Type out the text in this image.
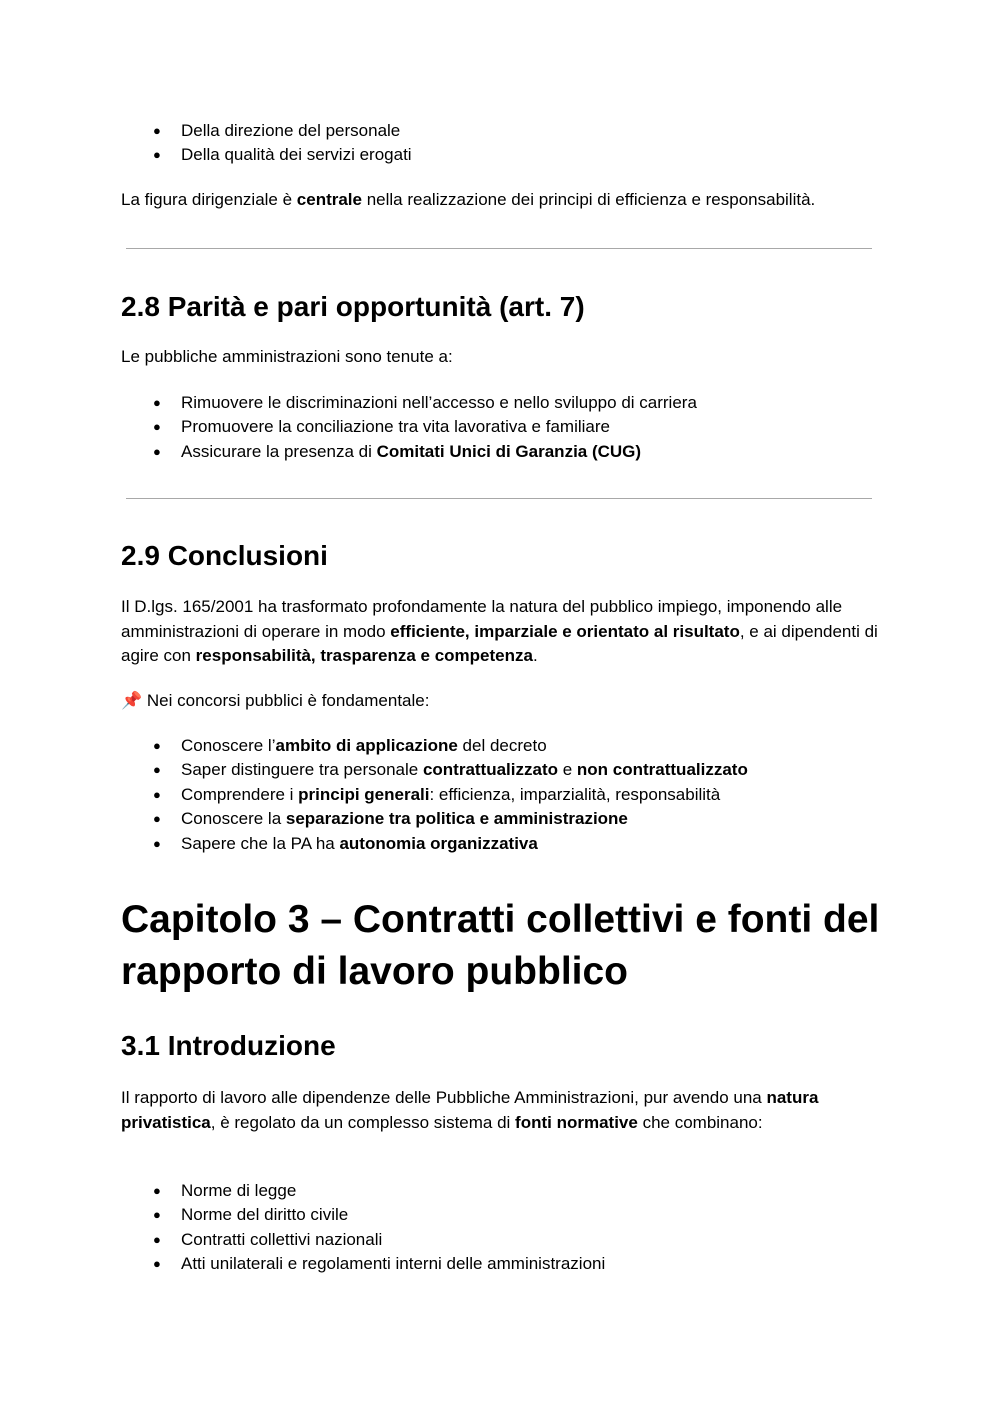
● Della direzione del personale
● Della qualità dei servizi erogati

La figura dirigenziale è centrale nella realizzazione dei principi di efficienza e responsabilità.

2.8 Parità e pari opportunità (art. 7)

Le pubbliche amministrazioni sono tenute a:

● Rimuovere le discriminazioni nell’accesso e nello sviluppo di carriera
● Promuovere la conciliazione tra vita lavorativa e familiare
● Assicurare la presenza di Comitati Unici di Garanzia (CUG)
2.9 Conclusioni

Il D.lgs. 165/2001 ha trasformato profondamente la natura del pubblico impiego, imponendo alle amministrazioni di operare in modo efficiente, imparziale e orientato al risultato, e ai dipendenti di agire con responsabilità, trasparenza e competenza.

📌 Nei concorsi pubblici è fondamentale:

● Conoscere l’ambito di applicazione del decreto
● Saper distinguere tra personale contrattualizzato e non contrattualizzato
● Comprendere i principi generali: efficienza, imparzialità, responsabilità
● Conoscere la separazione tra politica e amministrazione
● Sapere che la PA ha autonomia organizzativa
Capitolo 3 – Contratti collettivi e fonti del rapporto di lavoro pubblico
3.1 Introduzione

Il rapporto di lavoro alle dipendenze delle Pubbliche Amministrazioni, pur avendo una natura privatistica, è regolato da un complesso sistema di fonti normative che combinano:

● Norme di legge
● Norme del diritto civile
● Contratti collettivi nazionali
● Atti unilaterali e regolamenti interni delle amministrazioni
